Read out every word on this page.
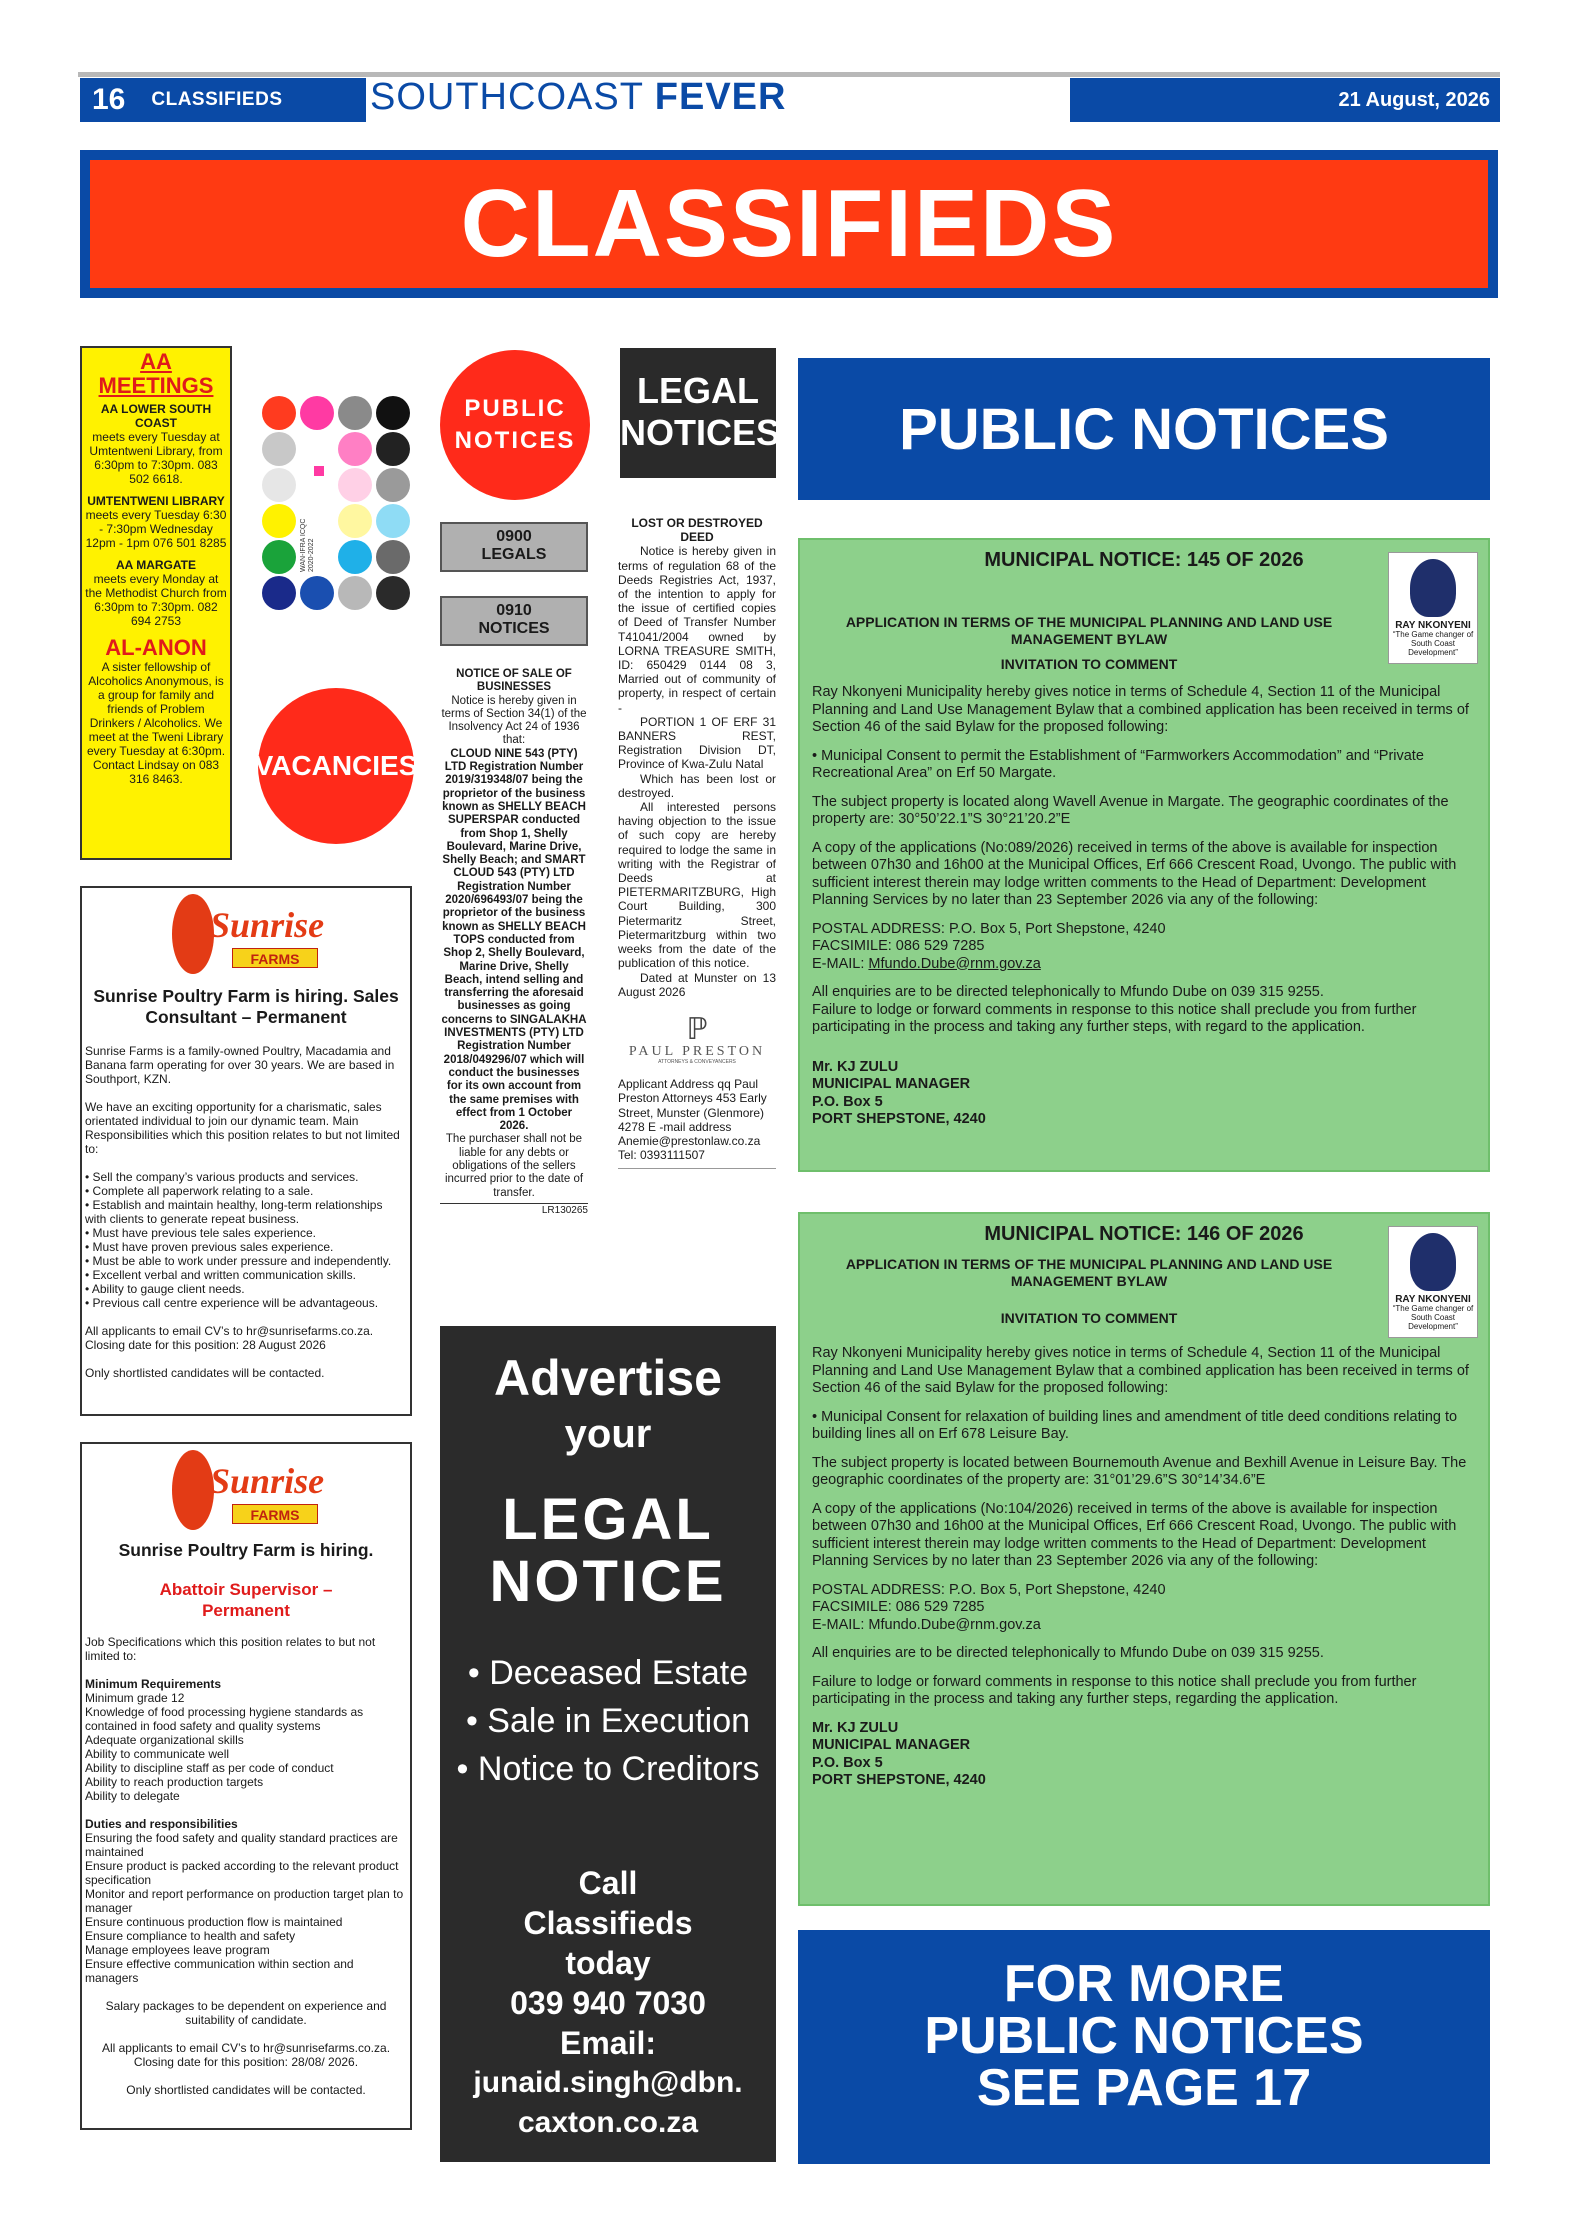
16 CLASSIFIEDS SOUTHCOAST FEVER	21 August, 2026
CLASSIFIEDS
AA MEETINGS
AA LOWER SOUTH COAST
meets every Tuesday at Umtentweni Library, from 6:30pm to 7:30pm. 083 502 6618.
UMTENTWENI LIBRARY
meets every Tuesday 6:30 - 7:30pm Wednesday 12pm - 1pm 076 501 8285
AA MARGATE
meets every Monday at the Methodist Church from 6:30pm to 7:30pm. 082 694 2753
AL-ANON
A sister fellowship of Alcoholics Anonymous, is a group for family and friends of Problem Drinkers / Alcoholics. We meet at the Tweni Library every Tuesday at 6:30pm. Contact Lindsay on 083 316 8463.
WAN-IFRA ICQC 2020-2022
PUBLIC
NOTICES
VACANCIES
0900
LEGALS
0910
NOTICES
NOTICE OF SALE OF BUSINESSES
Notice is hereby given in terms of Section 34(1) of the Insolvency Act 24 of 1936 that:
CLOUD NINE 543 (PTY) LTD Registration Number 2019/319348/07 being the proprietor of the business known as SHELLY BEACH SUPERSPAR conducted from Shop 1, Shelly Boulevard, Marine Drive, Shelly Beach; and SMART CLOUD 543 (PTY) LTD Registration Number 2020/696493/07 being the proprietor of the business known as SHELLY BEACH TOPS conducted from Shop 2, Shelly Boulevard, Marine Drive, Shelly Beach, intend selling and transferring the aforesaid businesses as going concerns to SINGALAKHA INVESTMENTS (PTY) LTD Registration Number 2018/049296/07 which will conduct the businesses for its own account from the same premises with effect from 1 October 2026.
The purchaser shall not be liable for any debts or obligations of the sellers incurred prior to the date of transfer.
LR130265
LEGAL NOTICES
LOST OR DESTROYED DEED
Notice is hereby given in terms of regulation 68 of the Deeds Registries Act, 1937, of the intention to apply for the issue of certified copies of Deed of Transfer Number T41041/2004 owned by LORNA TREASURE SMITH, ID: 650429 0144 08 3, Married out of community of property, in respect of certain -
PORTION 1 OF ERF 31 BANNERS REST, Registration Division DT, Province of Kwa-Zulu Natal
Which has been lost or destroyed.
All interested persons having objection to the issue of such copy are hereby required to lodge the same in writing with the Registrar of Deeds at PIETERMARITZBURG, High Court Building, 300 Pietermaritz Street, Pietermaritzburg within two weeks from the date of the publication of this notice.
Dated at Munster on 13 August 2026
ℙ
PAUL PRESTON
ATTORNEYS & CONVEYANCERS
Applicant Address qq Paul Preston Attorneys 453 Early Street, Munster (Glenmore) 4278 E -mail address Anemie@prestonlaw.co.za Tel: 0393111507
Sunrise
FARMS
Sunrise Poultry Farm is hiring. Sales Consultant – Permanent
Sunrise Farms is a family-owned Poultry, Macadamia and Banana farm operating for over 30 years. We are based in Southport, KZN.
We have an exciting opportunity for a charismatic, sales orientated individual to join our dynamic team. Main Responsibilities which this position relates to but not limited to:
• Sell the company’s various products and services.
• Complete all paperwork relating to a sale.
• Establish and maintain healthy, long-term relationships with clients to generate repeat business.
• Must have previous tele sales experience.
• Must have proven previous sales experience.
• Must be able to work under pressure and independently.
• Excellent verbal and written communication skills.
• Ability to gauge client needs.
• Previous call centre experience will be advantageous.
All applicants to email CV’s to hr@sunrisefarms.co.za. Closing date for this position: 28 August 2026
Only shortlisted candidates will be contacted.
Sunrise
FARMS
Sunrise Poultry Farm is hiring.
Abattoir Supervisor – Permanent
Job Specifications which this position relates to but not limited to:
Minimum Requirements
Minimum grade 12
Knowledge of food processing hygiene standards as contained in food safety and quality systems
Adequate organizational skills
Ability to communicate well
Ability to discipline staff as per code of conduct
Ability to reach production targets
Ability to delegate
Duties and responsibilities
Ensuring the food safety and quality standard practices are maintained
Ensure product is packed according to the relevant product specification
Monitor and report performance on production target plan to manager
Ensure continuous production flow is maintained
Ensure compliance to health and safety
Manage employees leave program
Ensure effective communication within section and managers
Salary packages to be dependent on experience and suitability of candidate.
All applicants to email CV’s to hr@sunrisefarms.co.za. Closing date for this position: 28/08/ 2026.
Only shortlisted candidates will be contacted.
Advertise
your
LEGAL
NOTICE
• Deceased Estate
• Sale in Execution
• Notice to Creditors
Call
Classifieds
today
039 940 7030
Email:
junaid.singh@dbn.
caxton.co.za
PUBLIC NOTICES
RAY NKONYENI
“The Game changer of South Coast Development”
MUNICIPAL NOTICE: 145 OF 2026
APPLICATION IN TERMS OF THE MUNICIPAL PLANNING AND LAND USE MANAGEMENT BYLAW
INVITATION TO COMMENT

Ray Nkonyeni Municipality hereby gives notice in terms of Schedule 4, Section 11 of the Municipal Planning and Land Use Management Bylaw that a combined application has been received in terms of Section 46 of the said Bylaw for the proposed following:

• Municipal Consent to permit the Establishment of “Farmworkers Accommodation” and “Private Recreational Area” on Erf 50 Margate.

The subject property is located along Wavell Avenue in Margate. The geographic coordinates of the property are: 30°50’22.1”S 30°21’20.2”E

A copy of the applications (No:089/2026) received in terms of the above is available for inspection between 07h30 and 16h00 at the Municipal Offices, Erf 666 Crescent Road, Uvongo. The public with sufficient interest therein may lodge written comments to the Head of Department: Development Planning Services by no later than 23 September 2026 via any of the following:

POSTAL ADDRESS: P.O. Box 5, Port Shepstone, 4240
FACSIMILE: 086 529 7285
E-MAIL: Mfundo.Dube@rnm.gov.za

All enquiries are to be directed telephonically to Mfundo Dube on 039 315 9255.

Failure to lodge or forward comments in response to this notice shall preclude you from further participating in the process and taking any further steps, with regard to the application.

Mr. KJ ZULU
MUNICIPAL MANAGER
P.O. Box 5
PORT SHEPSTONE, 4240

RAY NKONYENI
“The Game changer of South Coast Development”
MUNICIPAL NOTICE: 146 OF 2026
APPLICATION IN TERMS OF THE MUNICIPAL PLANNING AND LAND USE MANAGEMENT BYLAW
INVITATION TO COMMENT

Ray Nkonyeni Municipality hereby gives notice in terms of Schedule 4, Section 11 of the Municipal Planning and Land Use Management Bylaw that a combined application has been received in terms of Section 46 of the said Bylaw for the proposed following:

• Municipal Consent for relaxation of building lines and amendment of title deed conditions relating to building lines all on Erf 678 Leisure Bay.

The subject property is located between Bournemouth Avenue and Bexhill Avenue in Leisure Bay. The geographic coordinates of the property are: 31°01’29.6”S 30°14’34.6”E

A copy of the applications (No:104/2026) received in terms of the above is available for inspection between 07h30 and 16h00 at the Municipal Offices, Erf 666 Crescent Road, Uvongo. The public with sufficient interest therein may lodge written comments to the Head of Department: Development Planning Services by no later than 23 September 2026 via any of the following:

POSTAL ADDRESS: P.O. Box 5, Port Shepstone, 4240
FACSIMILE: 086 529 7285
E-MAIL: Mfundo.Dube@rnm.gov.za

All enquiries are to be directed telephonically to Mfundo Dube on 039 315 9255.

Failure to lodge or forward comments in response to this notice shall preclude you from further participating in the process and taking any further steps, regarding the application.

Mr. KJ ZULU
MUNICIPAL MANAGER
P.O. Box 5
PORT SHEPSTONE, 4240

FOR MORE
PUBLIC NOTICES
SEE PAGE 17
